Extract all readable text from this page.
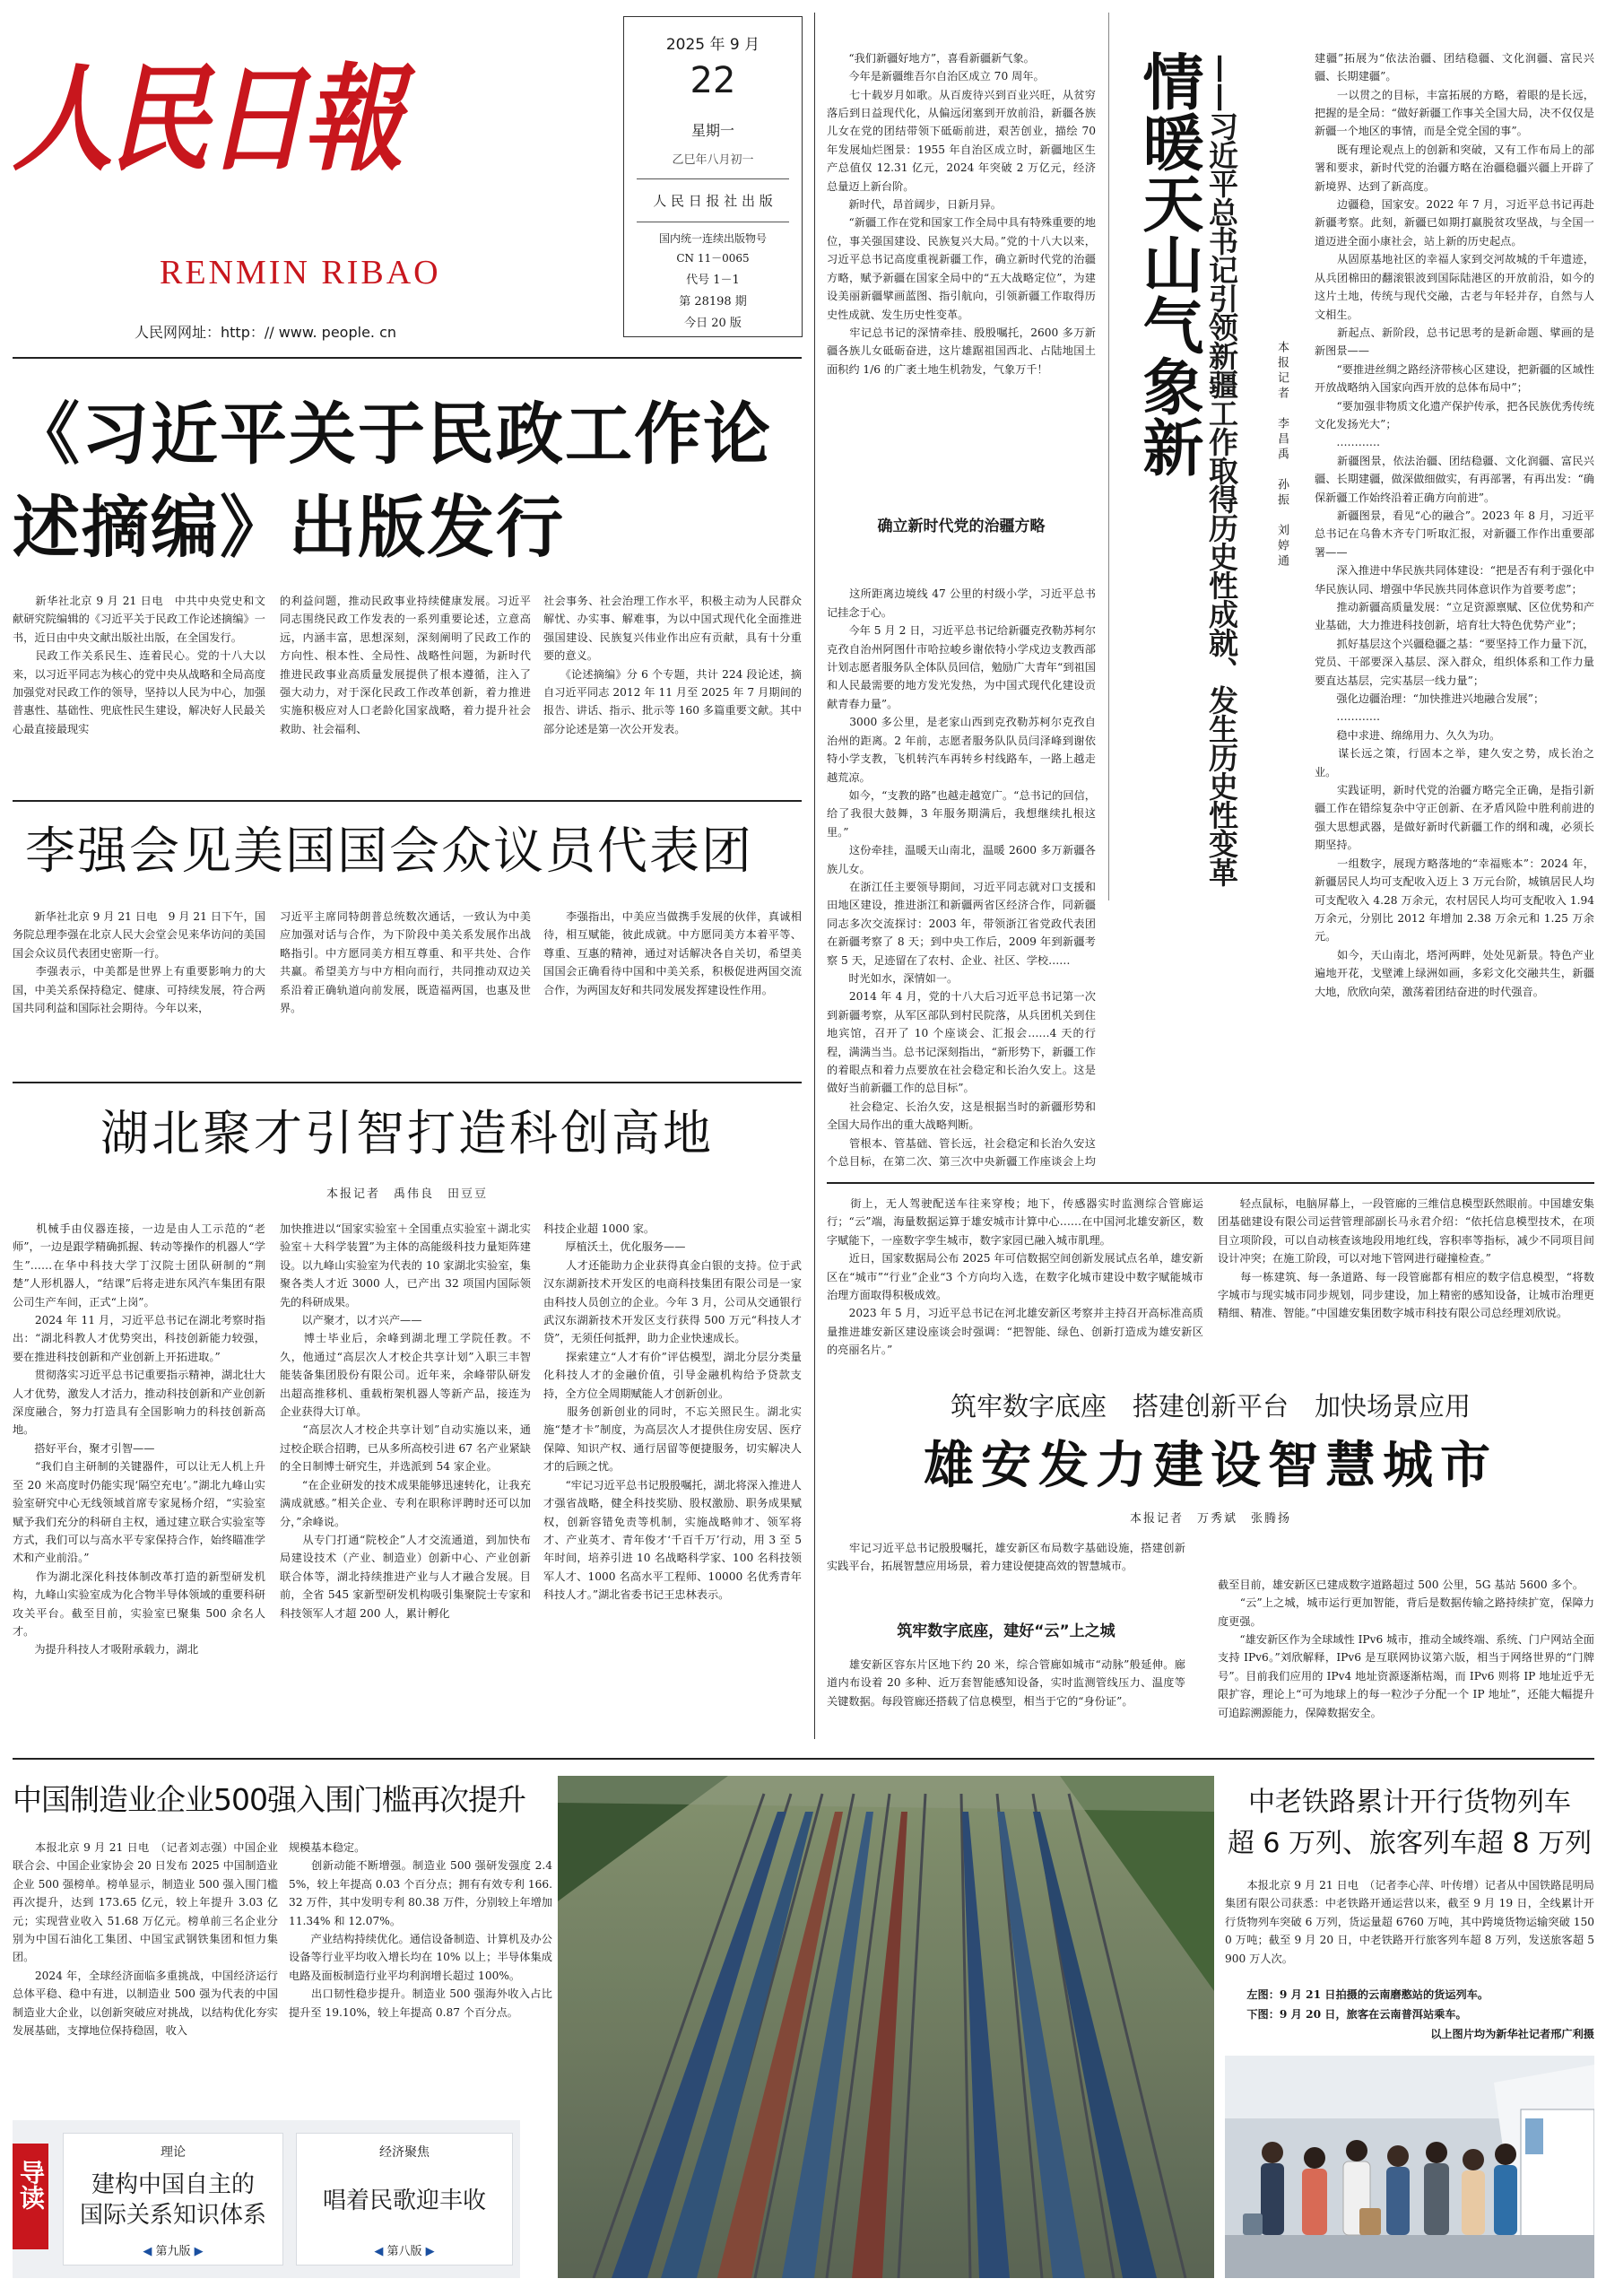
人民日報
RENMIN RIBAO
人民网网址：http：// www. people. cn
2025 年 9 月
22
星期一
乙巳年八月初一
人 民 日 报 社 出 版
国内统一连续出版物号
CN 11－0065
代号 1－1
第 28198 期
今日 20 版
《习近平关于民政工作论述摘编》出版发行
　　新华社北京 9 月 21 日电　中共中央党史和文献研究院编辑的《习近平关于民政工作论述摘编》一书，近日由中央文献出版社出版，在全国发行。
　　民政工作关系民生、连着民心。党的十八大以来，以习近平同志为核心的党中央从战略和全局高度加强党对民政工作的领导，坚持以人民为中心，加强普惠性、基础性、兜底性民生建设，解决好人民最关心最直接最现实
的利益问题，推动民政事业持续健康发展。习近平同志围绕民政工作发表的一系列重要论述，立意高远，内涵丰富，思想深刻，深刻阐明了民政工作的方向性、根本性、全局性、战略性问题，为新时代推进民政事业高质量发展提供了根本遵循，注入了强大动力，对于深化民政工作改革创新，着力推进实施积极应对人口老龄化国家战略，着力提升社会救助、社会福利、
社会事务、社会治理工作水平，积极主动为人民群众解忧、办实事、解难事，为以中国式现代化全面推进强国建设、民族复兴伟业作出应有贡献，具有十分重要的意义。
　　《论述摘编》分 6 个专题，共计 224 段论述，摘自习近平同志 2012 年 11 月至 2025 年 7 月期间的报告、讲话、指示、批示等 160 多篇重要文献。其中部分论述是第一次公开发表。
李强会见美国国会众议员代表团
　　新华社北京 9 月 21 日电　9 月 21 日下午，国务院总理李强在北京人民大会堂会见来华访问的美国国会众议员代表团史密斯一行。
　　李强表示，中美都是世界上有重要影响力的大国，中美关系保持稳定、健康、可持续发展，符合两国共同利益和国际社会期待。今年以来，
习近平主席同特朗普总统数次通话，一致认为中美应加强对话与合作，为下阶段中美关系发展作出战略指引。中方愿同美方相互尊重、和平共处、合作共赢。希望美方与中方相向而行，共同推动双边关系沿着正确轨道向前发展，既造福两国，也惠及世界。
　　李强指出，中美应当做携手发展的伙伴，真诚相待，相互赋能，彼此成就。中方愿同美方本着平等、尊重、互惠的精神，通过对话解决各自关切，希望美国国会正确看待中国和中美关系，积极促进两国交流合作，为两国友好和共同发展发挥建设性作用。
湖北聚才引智打造科创高地
本报记者　禹伟良　田豆豆
　　机械手由仪器连接，一边是由人工示范的“老师”，一边是跟学精确抓握、转动等操作的机器人“学生”……在华中科技大学丁汉院士团队研制的“荆楚”人形机器人，“结课”后将走进东风汽车集团有限公司生产车间，正式“上岗”。
　　2024 年 11 月，习近平总书记在湖北考察时指出：“湖北科教人才优势突出，科技创新能力较强，要在推进科技创新和产业创新上开拓进取。”
　　贯彻落实习近平总书记重要指示精神，湖北壮大人才优势，激发人才活力，推动科技创新和产业创新深度融合，努力打造具有全国影响力的科技创新高地。
　　搭好平台，聚才引智——
　　“我们自主研制的关键器件，可以让无人机上升至 20 米高度时仍能实现‘隔空充电’。”湖北九峰山实验室研究中心无线领域首席专家晁杨介绍，“实验室赋予我们充分的科研自主权，通过建立联合实验室等方式，我们可以与高水平专家保持合作，始终瞄准学术和产业前沿。”
　　作为湖北深化科技体制改革打造的新型研发机构，九峰山实验室成为化合物半导体领域的重要科研攻关平台。截至目前，实验室已聚集 500 余名人才。
　　为提升科技人才吸附承载力，湖北
加快推进以“国家实验室＋全国重点实验室＋湖北实验室＋大科学装置”为主体的高能级科技力量矩阵建设。以九峰山实验室为代表的 10 家湖北实验室，集聚各类人才近 3000 人，已产出 32 项国内国际领先的科研成果。
　　以产聚才，以才兴产——
　　博士毕业后，余峰到湖北理工学院任教。不久，他通过“高层次人才校企共享计划”入职三丰智能装备集团股份有限公司。近年来，余峰带队研发出超高推移机、重载桁架机器人等新产品，接连为企业获得大订单。
　　“高层次人才校企共享计划”自动实施以来，通过校企联合招聘，已从多所高校引进 67 名产业紧缺的全日制博士研究生，并选派到 54 家企业。
　　“在企业研发的技术成果能够迅速转化，让我充满成就感。”相关企业、专利在职称评聘时还可以加分，”余峰说。
　　从专门打通“院校企”人才交流通道，到加快布局建设技术（产业、制造业）创新中心、产业创新联合体等，湖北持续推进产业与人才融合发展。目前，全省 545 家新型研发机构吸引集聚院士专家和科技领军人才超 200 人，累计孵化
科技企业超 1000 家。
　　厚植沃土，优化服务——
　　人才还能助力企业获得真金白银的支持。位于武汉东湖新技术开发区的电商科技集团有限公司是一家由科技人员创立的企业。今年 3 月，公司从交通银行武汉东湖新技术开发区支行获得 500 万元“科技人才贷”，无须任何抵押，助力企业快速成长。
　　探索建立“人才有价”评估模型，湖北分层分类量化科技人才的金融价值，引导金融机构给予贷款支持，全方位全周期赋能人才创新创业。
　　服务创新创业的同时，不忘关照民生。湖北实施“楚才卡”制度，为高层次人才提供住房安居、医疗保障、知识产权、通行居留等便捷服务，切实解决人才的后顾之忧。
　　“牢记习近平总书记殷殷嘱托，湖北将深入推进人才强省战略，健全科技奖励、股权激励、职务成果赋权，创新容错免责等机制，实施战略帅才、领军将才、产业英才、青年俊才‘千百千万’行动，用 3 至 5 年时间，培养引进 10 名战略科学家、100 名科技领军人才、1000 名高水平工程师、10000 名优秀青年科技人才。”湖北省委书记王忠林表示。

　　“我们新疆好地方”，喜看新疆新气象。
　　今年是新疆维吾尔自治区成立 70 周年。
　　七十载岁月如歌。从百废待兴到百业兴旺，从贫穷落后到日益现代化，从偏远闭塞到开放前沿，新疆各族儿女在党的团结带领下砥砺前进，艰苦创业，描绘 70 年发展灿烂图景：1955 年自治区成立时，新疆地区生产总值仅 12.31 亿元，2024 年突破 2 万亿元，经济总量迈上新台阶。
　　新时代，昂首阔步，日新月异。
　　“新疆工作在党和国家工作全局中具有特殊重要的地位，事关强国建设、民族复兴大局。”党的十八大以来，习近平总书记高度重视新疆工作，确立新时代党的治疆方略，赋予新疆在国家全局中的“五大战略定位”，为建设美丽新疆擘画蓝图、指引航向，引领新疆工作取得历史性成就、发生历史性变革。
　　牢记总书记的深情牵挂、殷殷嘱托，2600 多万新疆各族儿女砥砺奋进，这片雄踞祖国西北、占陆地国土面积约 1/6 的广袤土地生机勃发，气象万千！

确立新时代党的治疆方略

　　这所距离边境线 47 公里的村级小学，习近平总书记挂念于心。
　　今年 5 月 2 日，习近平总书记给新疆克孜勒苏柯尔克孜自治州阿图什市哈拉峻乡谢依特小学戍边支教西部计划志愿者服务队全体队员回信，勉励广大青年“到祖国和人民最需要的地方发光发热，为中国式现代化建设贡献青春力量”。
　　3000 多公里，是老家山西到克孜勒苏柯尔克孜自治州的距离。2 年前，志愿者服务队队员闫泽峰到谢依特小学支教，飞机转汽车再转乡村线路车，一路上越走越荒凉。
　　如今，“支教的路”也越走越宽广。“总书记的回信，给了我很大鼓舞，3 年服务期满后，我想继续扎根这里。”
　　这份牵挂，温暖天山南北，温暖 2600 多万新疆各族儿女。
　　在浙江任主要领导期间，习近平同志就对口支援和田地区建设，推进浙江和新疆两省区经济合作，同新疆同志多次交流探讨：2003 年，带领浙江省党政代表团在新疆考察了 8 天；到中央工作后，2009 年到新疆考察 5 天，足迹留在了农村、企业、社区、学校……
　　时光如水，深情如一。
　　2014 年 4 月，党的十八大后习近平总书记第一次到新疆考察，从军区部队到村民院落，从兵团机关到住地宾馆，召开了 10 个座谈会、汇报会……4 天的行程，满满当当。总书记深刻指出，“新形势下，新疆工作的着眼点和着力点要放在社会稳定和长治久安上。这是做好当前新疆工作的总目标”。
　　社会稳定、长治久安，这是根据当时的新疆形势和全国大局作出的重大战略判断。
　　管根本、管基础、管长远，社会稳定和长治久安这个总目标，在第二次、第三次中央新疆工作座谈会上均

情暖天山气象新 ——习近平总书记引领新疆工作取得历史性成就、发生历史性变革	本报记者　李昌禹　孙振　刘婷通

建疆”拓展为“依法治疆、团结稳疆、文化润疆、富民兴疆、长期建疆”。
　　一以贯之的目标，丰富拓展的方略，着眼的是长远，把握的是全局：“做好新疆工作事关全国大局，决不仅仅是新疆一个地区的事情，而是全党全国的事”。
　　既有理论观点上的创新和突破，又有工作布局上的部署和要求，新时代党的治疆方略在治疆稳疆兴疆上开辟了新境界、达到了新高度。
　　边疆稳，国家安。2022 年 7 月，习近平总书记再赴新疆考察。此刻，新疆已如期打赢脱贫攻坚战，与全国一道迈进全面小康社会，站上新的历史起点。
　　从固原基地社区的幸福人家到交河故城的千年遗迹，从兵团棉田的翻滚银波到国际陆港区的开放前沿，如今的这片土地，传统与现代交融，古老与年轻并存，自然与人文相生。
　　新起点、新阶段，总书记思考的是新命题、擘画的是新图景——
　　“要推进丝绸之路经济带核心区建设，把新疆的区域性开放战略纳入国家向西开放的总体布局中”；
　　“要加强非物质文化遗产保护传承，把各民族优秀传统文化发扬光大”；
　　…………
　　新疆图景，依法治疆、团结稳疆、文化润疆、富民兴疆、长期建疆，做深做细做实，有再部署，有再出发：“确保新疆工作始终沿着正确方向前进”。
　　新疆图景，看见“心的融合”。2023 年 8 月，习近平总书记在乌鲁木齐专门听取汇报，对新疆工作作出重要部署——
　　深入推进中华民族共同体建设：“把是否有利于强化中华民族认同、增强中华民族共同体意识作为首要考虑”；
　　推动新疆高质量发展：“立足资源禀赋、区位优势和产业基础，大力推进科技创新，培育壮大特色优势产业”；
　　抓好基层这个兴疆稳疆之基：“要坚持工作力量下沉，党员、干部要深入基层、深入群众，组织体系和工作力量要直达基层，完实基层一线力量”；
　　强化边疆治理：“加快推进兴地融合发展”；
　　…………
　　稳中求进、绵绵用力、久久为功。
　　谋长远之策，行固本之举，建久安之势，成长治之业。
　　实践证明，新时代党的治疆方略完全正确，是指引新疆工作在错综复杂中守正创新、在矛盾风险中胜利前进的强大思想武器，是做好新时代新疆工作的纲和魂，必须长期坚持。
　　一组数字，展现方略落地的“幸福账本”：2024 年，新疆居民人均可支配收入迈上 3 万元台阶，城镇居民人均可支配收入 4.28 万余元，农村居民人均可支配收入 1.94 万余元，分别比 2012 年增加 2.38 万余元和 1.25 万余元。
　　如今，天山南北，塔河两畔，处处见新景。特色产业遍地开花，戈壁滩上绿洲如画，多彩文化交融共生，新疆大地，欣欣向荣，激荡着团结奋进的时代强音。

　　街上，无人驾驶配送车往来穿梭；地下，传感器实时监测综合管廊运行；“云”端，海量数据运算于雄安城市计算中心……在中国河北雄安新区，数字赋能下，一座数字孪生城市，数字家园已融入城市肌理。
　　近日，国家数据局公布 2025 年可信数据空间创新发展试点名单，雄安新区在“城市”“行业”企业“3 个方向均入选，在数字化城市建设中数字赋能城市治理方面取得积极成效。
　　2023 年 5 月，习近平总书记在河北雄安新区考察并主持召开高标准高质量推进雄安新区建设座谈会时强调：“把智能、绿色、创新打造成为雄安新区的亮丽名片。”
　　轻点鼠标，电脑屏幕上，一段管廊的三维信息模型跃然眼前。中国雄安集团基础建设有限公司运营管理部副长马永君介绍：“依托信息模型技术，在项目立项阶段，可以自动核查该地段用地红线，容积率等指标，减少不同项目间设计冲突；在施工阶段，可以对地下管网进行碰撞检查。”
　　每一栋建筑、每一条道路、每一段管廊都有相应的数字信息模型，“将数字城市与现实城市同步规划，同步建设，加上精密的感知设备，让城市治理更精细、精准、智能。”中国雄安集团数字城市科技有限公司总经理刘欣说。
筑牢数字底座　搭建创新平台　加快场景应用
雄安发力建设智慧城市
本报记者　万秀斌　张腾扬
　　牢记习近平总书记殷殷嘱托，雄安新区布局数字基础设施，搭建创新实践平台，拓展智慧应用场景，着力建设便捷高效的智慧城市。
筑牢数字底座，建好“云”上之城
　　雄安新区容东片区地下约 20 米，综合管廊如城市“动脉”般延伸。廊道内布设着 20 多种、近万套智能感知设备，实时监测管线压力、温度等关键数据。每段管廊还搭载了信息模型，相当于它的“身份证”。

截至目前，雄安新区已建成数字道路超过 500 公里，5G 基站 5600 多个。
　　“云”上之城，城市运行更加智能，背后是数据传输之路持续扩宽，保障力度更强。
　　“雄安新区作为全球域性 IPv6 城市，推动全域终端、系统、门户网站全面支持 IPv6。”刘欣解释，IPv6 是互联网协议第六版，相当于网络世界的“门牌号”。目前我们应用的 IPv4 地址资源逐渐枯竭，而 IPv6 则将 IP 地址近乎无限扩容，理论上“可为地球上的每一粒沙子分配一个 IP 地址”，还能大幅提升可追踪溯源能力，保障数据安全。

中国制造业企业500强入围门槛再次提升
　　本报北京 9 月 21 日电　（记者刘志强）中国企业联合会、中国企业家协会 20 日发布 2025 中国制造业企业 500 强榜单。榜单显示，制造业 500 强入围门槛再次提升，达到 173.65 亿元，较上年提升 3.03 亿元；实现营业收入 51.68 万亿元。榜单前三名企业分别为中国石油化工集团、中国宝武钢铁集团和恒力集团。
　　2024 年，全球经济面临多重挑战，中国经济运行总体平稳、稳中有进，以制造业 500 强为代表的中国制造业大企业，以创新突破应对挑战，以结构优化夯实发展基础，支撑地位保持稳固，收入
规模基本稳定。
　　创新动能不断增强。制造业 500 强研发强度 2.45%，较上年提高 0.03 个百分点；拥有有效专利 166.32 万件，其中发明专利 80.38 万件，分别较上年增加 11.34% 和 12.07%。
　　产业结构持续优化。通信设备制造、计算机及办公设备等行业平均收入增长均在 10% 以上；半导体集成电路及面板制造行业平均利润增长超过 100%。
　　出口韧性稳步提升。制造业 500 强海外收入占比提升至 19.10%，较上年提高 0.87 个百分点。
导读
理论
建构中国自主的
国际关系知识体系
◀ 第九版 ▶
经济聚焦
唱着民歌迎丰收
◀ 第八版 ▶
中老铁路累计开行货物列车
超 6 万列、旅客列车超 8 万列
　　本报北京 9 月 21 日电　（记者李心萍、叶传增）记者从中国铁路昆明局集团有限公司获悉：中老铁路开通运营以来，截至 9 月 19 日，全线累计开行货物列车突破 6 万列，货运量超 6760 万吨，其中跨境货物运输突破 1500 万吨；截至 9 月 20 日，中老铁路开行旅客列车超 8 万列，发送旅客超 5900 万人次。
　　左图：9 月 21 日拍摄的云南磨憨站的货运列车。
　　下图：9 月 20 日，旅客在云南普洱站乘车。
以上图片均为新华社记者邢广利摄
